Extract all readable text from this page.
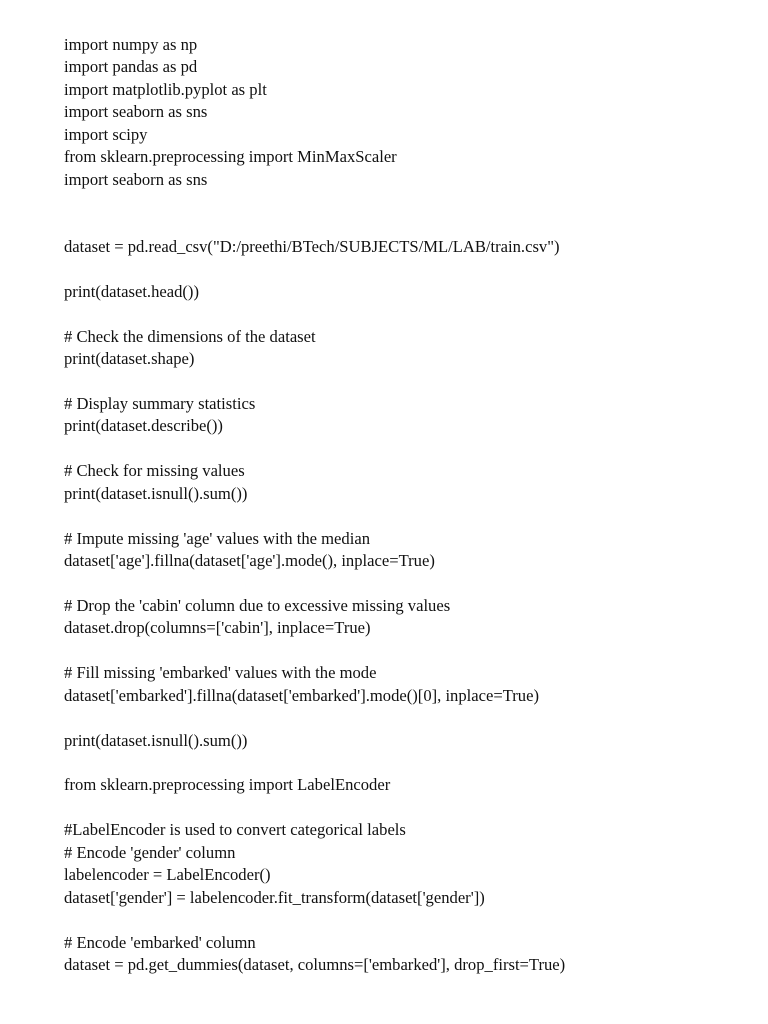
import numpy as np
import pandas as pd
import matplotlib.pyplot as plt
import seaborn as sns
import scipy
from sklearn.preprocessing import MinMaxScaler
import seaborn as sns
dataset = pd.read_csv("D:/preethi/BTech/SUBJECTS/ML/LAB/train.csv")
print(dataset.head())
# Check the dimensions of the dataset
print(dataset.shape)
# Display summary statistics
print(dataset.describe())
# Check for missing values
print(dataset.isnull().sum())
# Impute missing 'age' values with the median
dataset['age'].fillna(dataset['age'].mode(), inplace=True)
# Drop the 'cabin' column due to excessive missing values
dataset.drop(columns=['cabin'], inplace=True)
# Fill missing 'embarked' values with the mode
dataset['embarked'].fillna(dataset['embarked'].mode()[0], inplace=True)
print(dataset.isnull().sum())
from sklearn.preprocessing import LabelEncoder
#LabelEncoder is used to convert categorical labels
# Encode 'gender' column
labelencoder = LabelEncoder()
dataset['gender'] = labelencoder.fit_transform(dataset['gender'])
# Encode 'embarked' column
dataset = pd.get_dummies(dataset, columns=['embarked'], drop_first=True)
